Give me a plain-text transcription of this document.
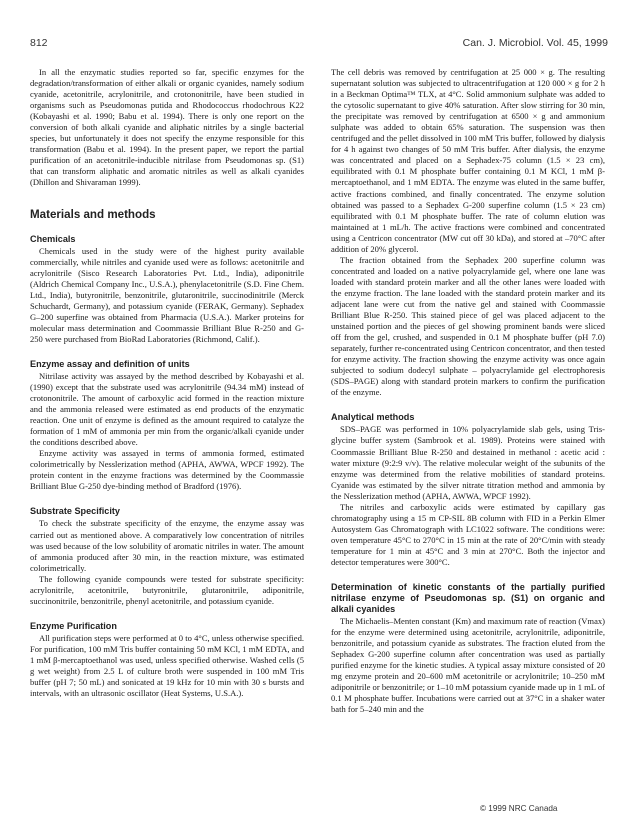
812	Can. J. Microbiol. Vol. 45, 1999

In all the enzymatic studies reported so far, specific enzymes for the degradation/transformation of either alkali or organic cyanides, namely sodium cyanide, acetonitrile, acrylonitrile, and crotononitrile, have been studied in organisms such as Pseudomonas putida and Rhodococcus rhodochrous K22 (Kobayashi et al. 1990; Babu et al. 1994). There is only one report on the conversion of both alkali cyanide and aliphatic nitriles by a single bacterial species, but unfortunately it does not specify the enzyme responsible for this transformation (Babu et al. 1994). In the present paper, we report the partial purification of an acetonitrile-inducible nitrilase from Pseudomonas sp. (S1) that can transform aliphatic and aromatic nitriles as well as alkali cyanides (Dhillon and Shivaraman 1999).

Materials and methods
Chemicals

Chemicals used in the study were of the highest purity available commercially, while nitriles and cyanide used were as follows: acetonitrile and acrylonitrile (Sisco Research Laboratories Pvt. Ltd., India), adiponitrile (Aldrich Chemical Company Inc., U.S.A.), phenylacetonitrile (S.D. Fine Chem. Ltd., India), butyronitrile, benzonitrile, glutaronitrile, succinodinitrile (Merck Schuchardt, Germany), and potassium cyanide (FERAK, Germany). Sephadex G–200 superfine was obtained from Pharmacia (U.S.A.). Marker proteins for molecular mass determination and Coommassie Brilliant Blue R-250 and G-250 were purchased from BioRad Laboratories (Richmond, Calif.).

Enzyme assay and definition of units

Nitrilase activity was assayed by the method described by Kobayashi et al. (1990) except that the substrate used was acrylonitrile (94.34 mM) instead of crotononitrile. The amount of carboxylic acid formed in the reaction mixture and the ammonia released were estimated as end products of the enzymatic reaction. One unit of enzyme is defined as the amount required to catalyze the formation of 1 mM of ammonia per min from the organic/alkali cyanide under the conditions described above.

Enzyme activity was assayed in terms of ammonia formed, estimated colorimetrically by Nesslerization method (APHA, AWWA, WPCF 1992). The protein content in the enzyme fractions was determined by the Coommassie Brilliant Blue G-250 dye-binding method of Bradford (1976).

Substrate Specificity

To check the substrate specificity of the enzyme, the enzyme assay was carried out as mentioned above. A comparatively low concentration of nitriles was used because of the low solubility of aromatic nitriles in water. The amount of ammonia produced after 30 min, in the reaction mixture, was estimated colorimetrically.

The following cyanide compounds were tested for substrate specificity: acrylonitrile, acetonitrile, butyronitrile, glutaronitrile, adiponitrile, succinonitrile, benzonitrile, phenyl acetonitrile, and potassium cyanide.

Enzyme Purification

All purification steps were performed at 0 to 4°C, unless otherwise specified. For purification, 100 mM Tris buffer containing 50 mM KCl, 1 mM EDTA, and 1 mM β-mercaptoethanol was used, unless specified otherwise. Washed cells (5 g wet weight) from 2.5 L of culture broth were suspended in 100 mM Tris buffer (pH 7; 50 mL) and sonicated at 19 kHz for 10 min with 30 s bursts and intervals, with an ultrasonic oscillator (Heat Systems, U.S.A.).

The cell debris was removed by centrifugation at 25 000 × g. The resulting supernatant solution was subjected to ultracentrifugation at 120 000 × g for 2 h in a Beckman Optima™ TLX, at 4°C. Solid ammonium sulphate was added to the cytosolic supernatant to give 40% saturation. After slow stirring for 30 min, the precipitate was removed by centrifugation at 6500 × g and ammonium sulphate was added to obtain 65% saturation. The suspension was then centrifuged and the pellet dissolved in 100 mM Tris buffer, followed by dialysis for 4 h against two changes of 50 mM Tris buffer. After dialysis, the enzyme was concentrated and placed on a Sephadex-75 column (1.5 × 23 cm), equilibrated with 0.1 M phosphate buffer containing 0.1 M KCl, 1 mM β-mercaptoethanol, and 1 mM EDTA. The enzyme was eluted in the same buffer, active fractions combined, and finally concentrated. The enzyme solution obtained was passed to a Sephadex G-200 superfine column (1.5 × 23 cm) equilibrated with 0.1 M phosphate buffer. The rate of column elution was maintained at 1 mL/h. The active fractions were combined and concentrated using a Centricon concentrator (MW cut off 30 kDa), and stored at –70°C after addition of 20% glycerol.

The fraction obtained from the Sephadex 200 superfine column was concentrated and loaded on a native polyacrylamide gel, where one lane was loaded with standard protein marker and all the other lanes were loaded with the enzyme fraction. The lane loaded with the standard protein marker and its adjacent lane were cut from the native gel and stained with Coommassie Brilliant Blue R-250. This stained piece of gel was placed adjacent to the unstained portion and the pieces of gel showing prominent bands were sliced off from the gel, crushed, and suspended in 0.1 M phosphate buffer (pH 7.0) separately, further re-concentrated using Centricon concentrator, and then tested for enzyme activity. The fraction showing the enzyme activity was once again subjected to sodium dodecyl sulphate – polyacrylamide gel electrophoresis (SDS–PAGE) along with standard protein markers to confirm the purification of the enzyme.

Analytical methods

SDS–PAGE was performed in 10% polyacrylamide slab gels, using Tris-glycine buffer system (Sambrook et al. 1989). Proteins were stained with Coommassie Brilliant Blue R-250 and destained in methanol : acetic acid : water mixture (9:2:9 v/v). The relative molecular weight of the subunits of the enzyme was determined from the relative mobilities of standard proteins. Cyanide was estimated by the silver nitrate titration method and ammonia by the Nesslerization method (APHA, AWWA, WPCF 1992).

The nitriles and carboxylic acids were estimated by capillary gas chromatography using a 15 m CP-SIL 8B column with FID in a Perkin Elmer Autosystem Gas Chromatograph with LC1022 software. The conditions were: oven temperature 45°C to 270°C in 15 min at the rate of 20°C/min with steady temperature for 1 min at 45°C and 3 min at 270°C. Both the injector and detector temperatures were 300°C.

Determination of kinetic constants of the partially purified nitrilase enzyme of Pseudomonas sp. (S1) on organic and alkali cyanides

The Michaelis–Menten constant (Km) and maximum rate of reaction (Vmax) for the enzyme were determined using acetonitrile, acrylonitrile, adiponitrile, benzonitrile, and potassium cyanide as substrates. The fraction eluted from the Sephadex G-200 superfine column after concentration was used as partially purified enzyme for the kinetic studies. A typical assay mixture consisted of 20 mg enzyme protein and 20–600 mM acetonitrile or acrylonitrile; 10–250 mM adiponitrile or benzonitrile; or 1–10 mM potassium cyanide made up in 1 mL of 0.1 M phosphate buffer. Incubations were carried out at 37°C in a shaker water bath for 5–240 min and the

© 1999 NRC Canada
